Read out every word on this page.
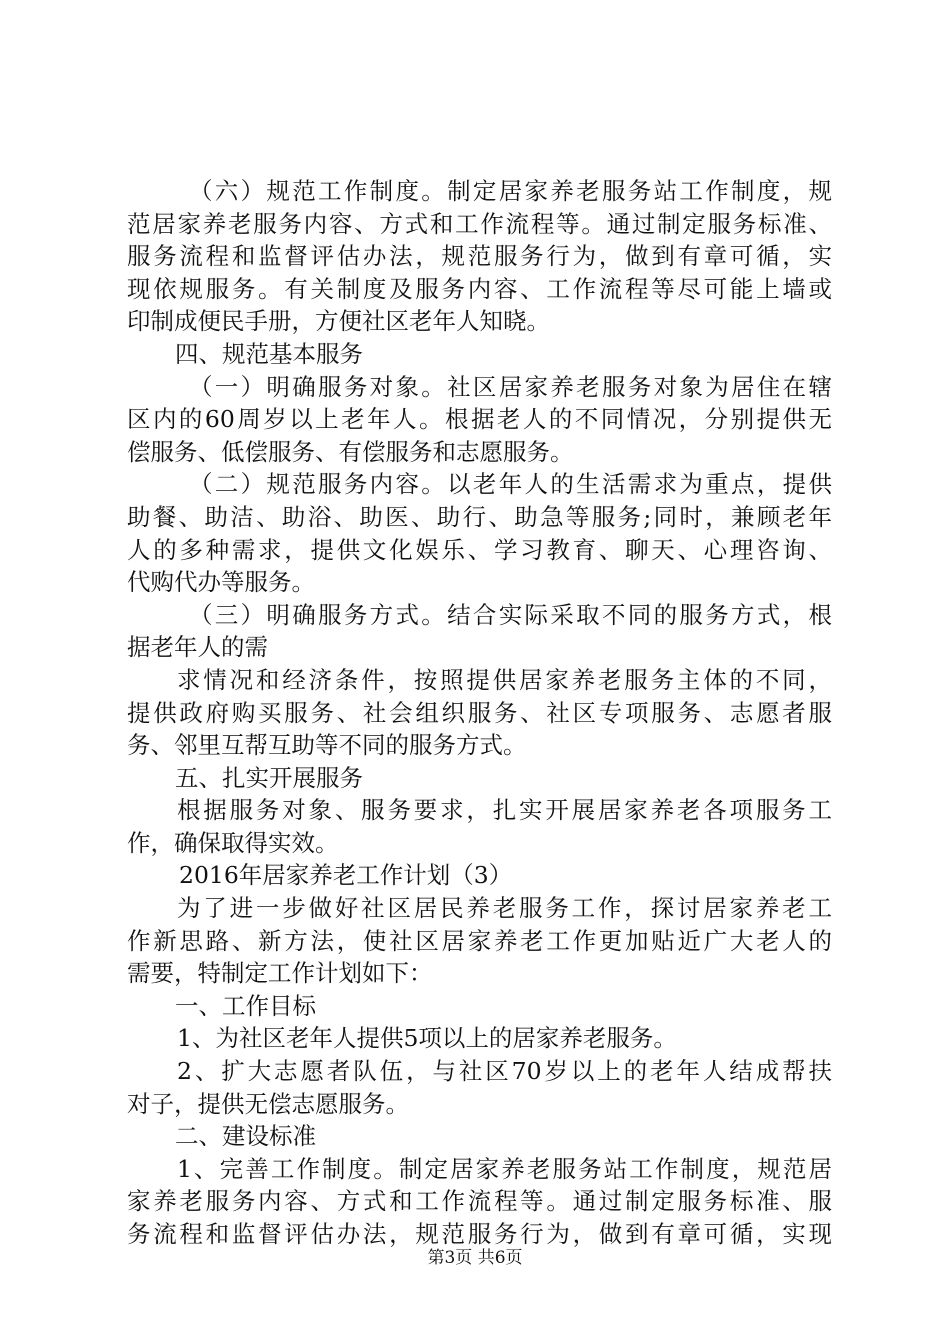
（六）规范工作制度。制定居家养老服务站工作制度，规
范居家养老服务内容、方式和工作流程等。通过制定服务标准、
服务流程和监督评估办法，规范服务行为，做到有章可循，实
现依规服务。有关制度及服务内容、工作流程等尽可能上墙或
印制成便民手册，方便社区老年人知晓。
四、规范基本服务
（一）明确服务对象。社区居家养老服务对象为居住在辖
区内的60周岁以上老年人。根据老人的不同情况，分别提供无
偿服务、低偿服务、有偿服务和志愿服务。
（二）规范服务内容。以老年人的生活需求为重点，提供
助餐、助洁、助浴、助医、助行、助急等服务;同时，兼顾老年
人的多种需求，提供文化娱乐、学习教育、聊天、心理咨询、
代购代办等服务。
（三）明确服务方式。结合实际采取不同的服务方式，根
据老年人的需
求情况和经济条件，按照提供居家养老服务主体的不同，
提供政府购买服务、社会组织服务、社区专项服务、志愿者服
务、邻里互帮互助等不同的服务方式。
五、扎实开展服务
根据服务对象、服务要求，扎实开展居家养老各项服务工
作，确保取得实效。
2016年居家养老工作计划（3）
为了进一步做好社区居民养老服务工作，探讨居家养老工
作新思路、新方法，使社区居家养老工作更加贴近广大老人的
需要，特制定工作计划如下：
一、工作目标
1、为社区老年人提供5项以上的居家养老服务。
2、扩大志愿者队伍，与社区70岁以上的老年人结成帮扶
对子，提供无偿志愿服务。
二、建设标准
1、完善工作制度。制定居家养老服务站工作制度，规范居
家养老服务内容、方式和工作流程等。通过制定服务标准、服
务流程和监督评估办法，规范服务行为，做到有章可循，实现
第3页 共6页
